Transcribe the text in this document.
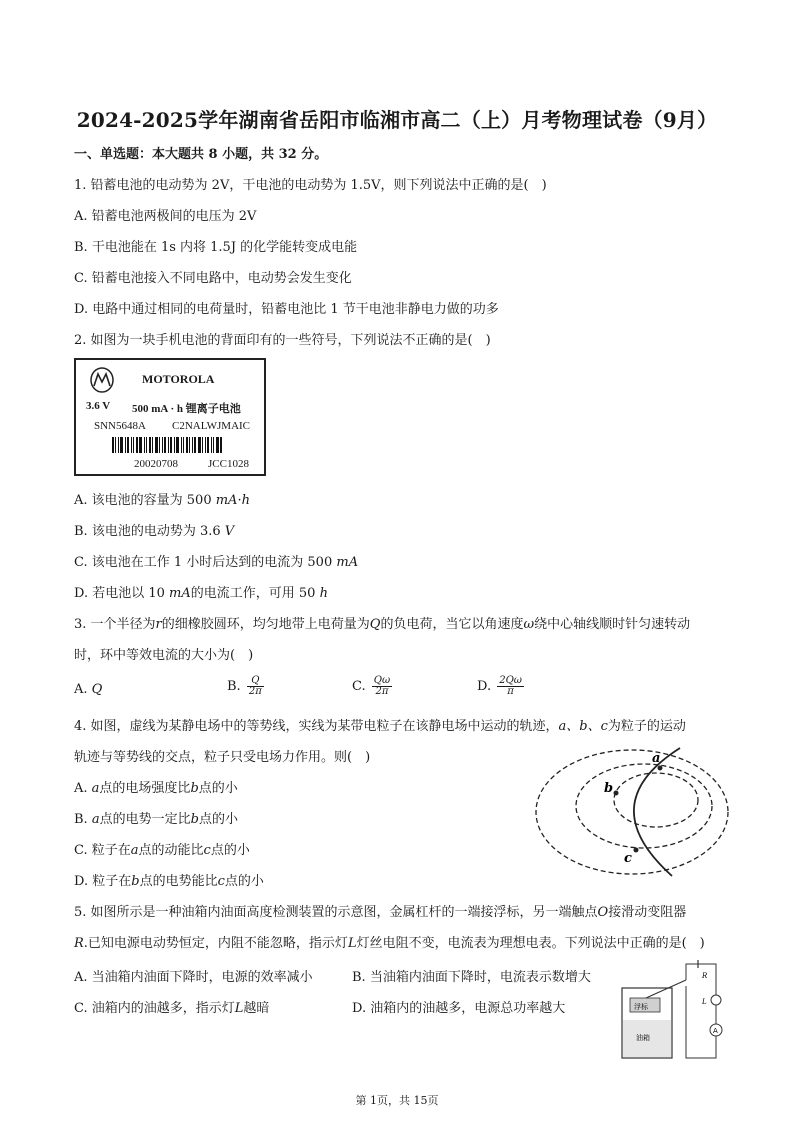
2024-2025学年湖南省岳阳市临湘市高二（上）月考物理试卷（9月）
一、单选题：本大题共 8 小题，共 32 分。
1. 铅蓄电池的电动势为 2V，干电池的电动势为 1.5V，则下列说法中正确的是(　)
A. 铅蓄电池两极间的电压为 2V
B. 干电池能在 1s 内将 1.5J 的化学能转变成电能
C. 铅蓄电池接入不同电路中，电动势会发生变化
D. 电路中通过相同的电荷量时，铅蓄电池比 1 节干电池非静电力做的功多
2. 如图为一块手机电池的背面印有的一些符号，下列说法不正确的是(　)
MOTOROLA
3.6 V 500 mA · h 锂离子电池
SNN5648A C2NALWJMAIC
20020708	JCC1028
A. 该电池的容量为 500 mA·h
B. 该电池的电动势为 3.6 V
C. 该电池在工作 1 小时后达到的电流为 500 mA
D. 若电池以 10 mA的电流工作，可用 50 h
3. 一个半径为r的细橡胶圆环，均匀地带上电荷量为Q的负电荷，当它以角速度ω绕中心轴线顺时针匀速转动
时，环中等效电流的大小为(　)
A. Q	B. $\frac{Q}{2\pi}$	C. $\frac{Q\omega}{2\pi}$	D. $\frac{2Q\omega}{\pi}$
4. 如图，虚线为某静电场中的等势线，实线为某带电粒子在该静电场中运动的轨迹，a、b、c为粒子的运动
轨迹与等势线的交点，粒子只受电场力作用。则(　)
A. a点的电场强度比b点的小
B. a点的电势一定比b点的小
C. 粒子在a点的动能比c点的小
D. 粒子在b点的电势能比c点的小
a
b
c
5. 如图所示是一种油箱内油面高度检测装置的示意图，金属杠杆的一端接浮标，另一端触点O接滑动变阻器
R.已知电源电动势恒定，内阻不能忽略，指示灯L灯丝电阻不变，电流表为理想电表。下列说法中正确的是(　)
A. 当油箱内油面下降时，电源的效率减小	B. 当油箱内油面下降时，电流表示数增大
C. 油箱内的油越多，指示灯L越暗	D. 油箱内的油越多，电源总功率越大	浮标
油箱
R
L
A
第 1页，共 15页
